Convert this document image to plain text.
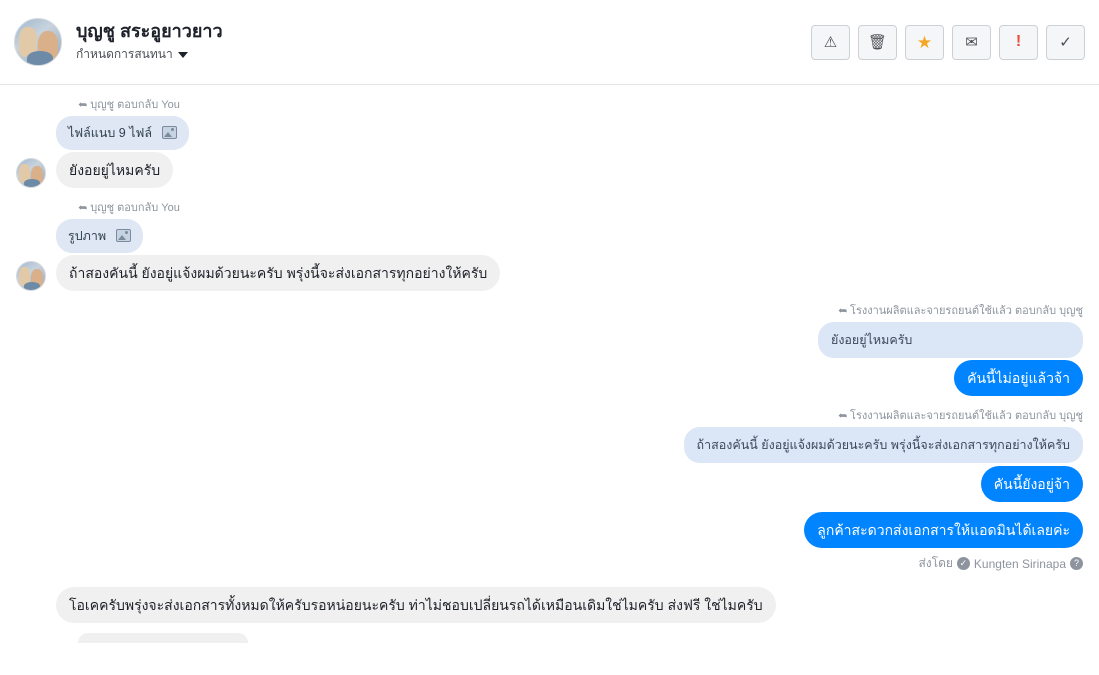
บุญชู สระอูยาวยาว
กำหนดการสนทนา
⚠ 🗑 ★ ✉ !	✓
➦ บุญชู ตอบกลับ You
ไฟล์แนบ 9 ไฟล์
ยังอยยู่ไหมครับ
➦ บุญชู ตอบกลับ You
รูปภาพ
ถ้าสองคันนี้ ยังอยู่แจ้งผมด้วยนะครับ พรุ่งนี้จะส่งเอกสารทุกอย่างให้ครับ
➦ โรงงานผลิตและจายรถยนต์ใช้แล้ว ตอบกลับ บุญชู
ยังอยยู่ไหมครับ
คันนี้ไม่อยู่แล้วจ้า
➦ โรงงานผลิตและจายรถยนต์ใช้แล้ว ตอบกลับ บุญชู
ถ้าสองคันนี้ ยังอยู่แจ้งผมด้วยนะครับ พรุ่งนี้จะส่งเอกสารทุกอย่างให้ครับ
คันนี้ยังอยู่จ้า
ลูกค้าสะดวกส่งเอกสารให้แอดมินได้เลยค่ะ
ส่งโดย ✓ Kungten Sirinapa ?
โอเคครับพรุ่งจะส่งเอกสารทั้งหมดให้ครับรอหน่อยนะครับ ท่าไม่ชอบเปลี่ยนรถได้เหมือนเดิมใช่ไมครับ ส่งฟรี ใช่ไมครับ
